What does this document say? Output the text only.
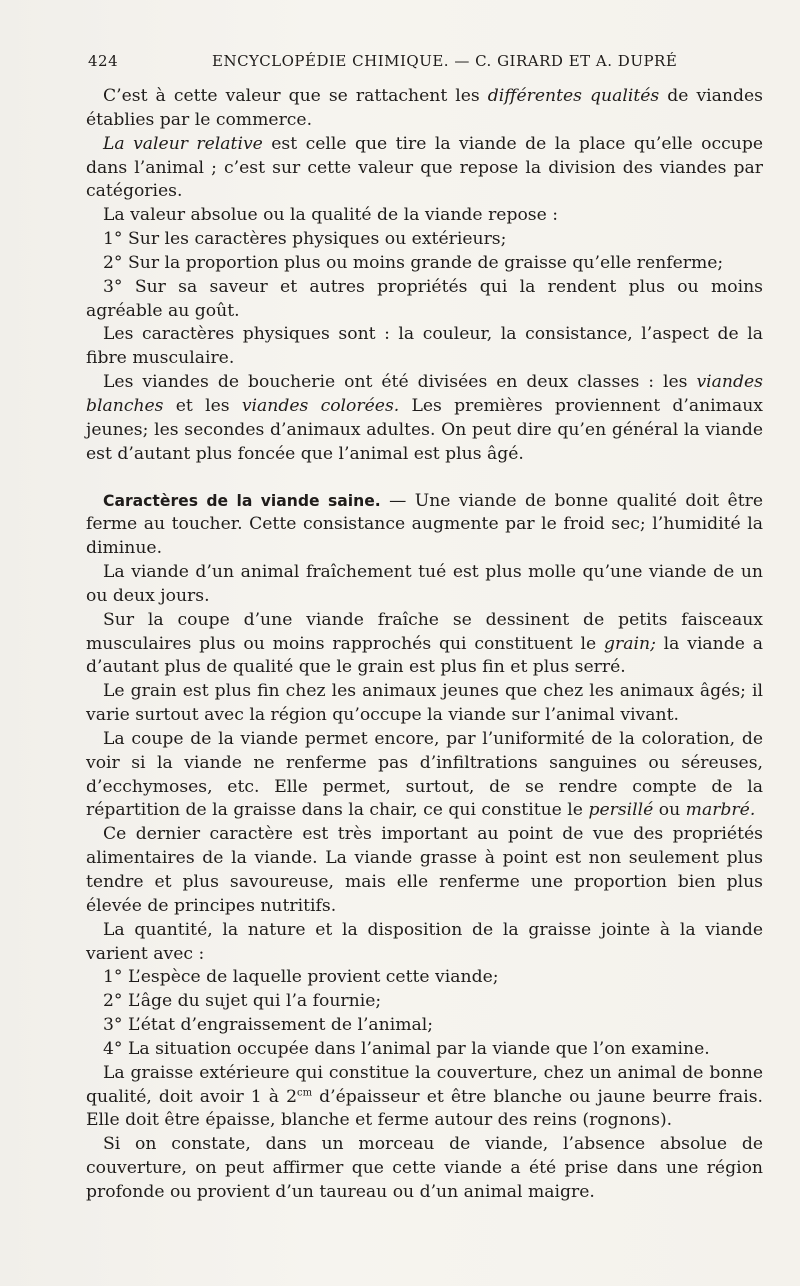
424	ENCYCLOPÉDIE CHIMIQUE. — C. GIRARD ET A. DUPRÉ

C’est à cette valeur que se rattachent les différentes qualités de viandes établies par le commerce.

La valeur relative est celle que tire la viande de la place qu’elle occupe dans l’animal ; c’est sur cette valeur que repose la division des viandes par catégories.

La valeur absolue ou la qualité de la viande repose :

1° Sur les caractères physiques ou extérieurs;

2° Sur la proportion plus ou moins grande de graisse qu’elle renferme;

3° Sur sa saveur et autres propriétés qui la rendent plus ou moins agréable au goût.

Les caractères physiques sont : la couleur, la consistance, l’aspect de la fibre musculaire.

Les viandes de boucherie ont été divisées en deux classes : les viandes blanches et les viandes colorées. Les premières proviennent d’animaux jeunes; les secondes d’animaux adultes. On peut dire qu’en général la viande est d’autant plus foncée que l’animal est plus âgé.

Caractères de la viande saine. — Une viande de bonne qualité doit être ferme au toucher. Cette consistance augmente par le froid sec; l’humidité la diminue.

La viande d’un animal fraîchement tué est plus molle qu’une viande de un ou deux jours.

Sur la coupe d’une viande fraîche se dessinent de petits faisceaux musculaires plus ou moins rapprochés qui constituent le grain; la viande a d’autant plus de qualité que le grain est plus fin et plus serré.

Le grain est plus fin chez les animaux jeunes que chez les animaux âgés; il varie surtout avec la région qu’occupe la viande sur l’animal vivant.

La coupe de la viande permet encore, par l’uniformité de la coloration, de voir si la viande ne renferme pas d’infiltrations sanguines ou séreuses, d’ecchymoses, etc. Elle permet, surtout, de se rendre compte de la répartition de la graisse dans la chair, ce qui constitue le persillé ou marbré.

Ce dernier caractère est très important au point de vue des propriétés alimentaires de la viande. La viande grasse à point est non seulement plus tendre et plus savoureuse, mais elle renferme une proportion bien plus élevée de principes nutritifs.

La quantité, la nature et la disposition de la graisse jointe à la viande varient avec :

1° L’espèce de laquelle provient cette viande;

2° L’âge du sujet qui l’a fournie;

3° L’état d’engraissement de l’animal;

4° La situation occupée dans l’animal par la viande que l’on examine.

La graisse extérieure qui constitue la couverture, chez un animal de bonne qualité, doit avoir 1 à $2^{cm}$ d’épaisseur et être blanche ou jaune beurre frais. Elle doit être épaisse, blanche et ferme autour des reins (rognons).

Si on constate, dans un morceau de viande, l’absence absolue de couverture, on peut affirmer que cette viande a été prise dans une région profonde ou provient d’un taureau ou d’un animal maigre.
